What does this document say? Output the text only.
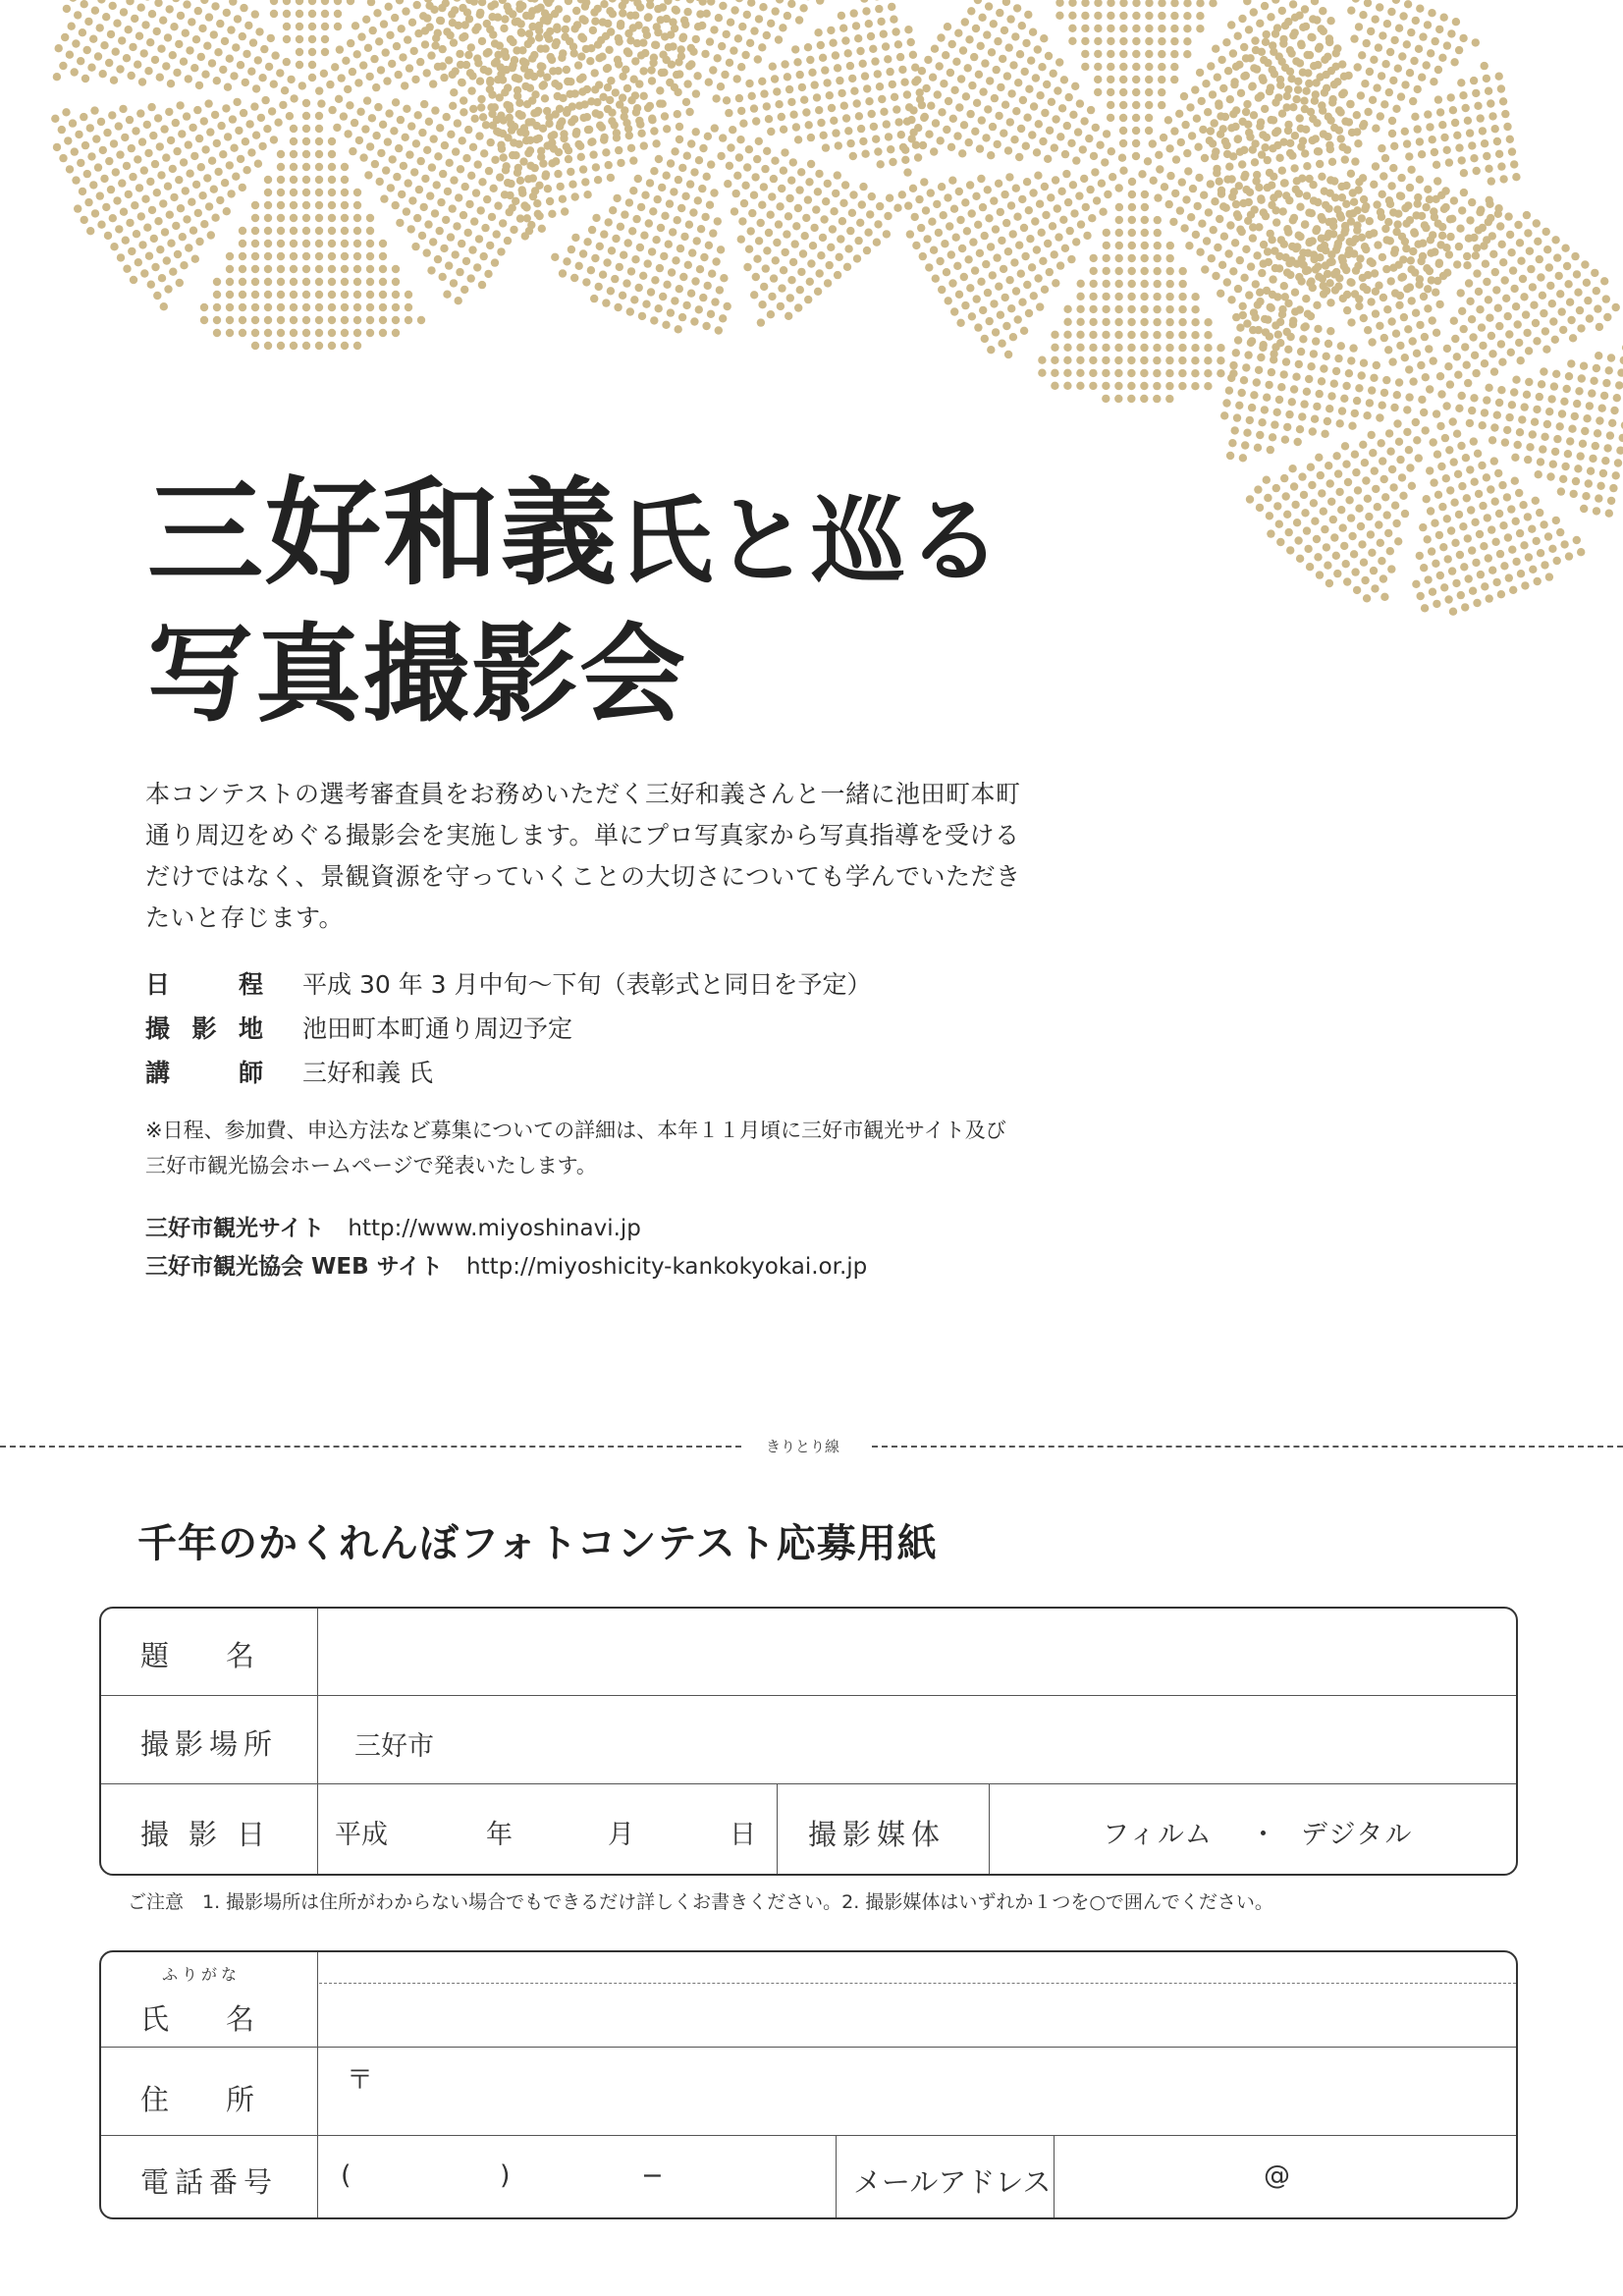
三好和義氏と巡る
写真撮影会
本コンテストの選考審査員をお務めいただく三好和義さんと一緒に池田町本町
通り周辺をめぐる撮影会を実施します。単にプロ写真家から写真指導を受ける
だけではなく、景観資源を守っていくことの大切さについても学んでいただき
たいと存じます。
日程 平成 30 年 3 月中旬〜下旬（表彰式と同日を予定）
撮影地 池田町本町通り周辺予定
講師 三好和義 氏
※日程、参加費、申込方法など募集についての詳細は、本年１１月頃に三好市観光サイト及び
三好市観光協会ホームページで発表いたします。
三好市観光サイト http://www.miyoshinavi.jp
三好市観光協会 WEB サイト http://miyoshicity-kankokyokai.or.jp
きりとり線
千年のかくれんぼフォトコンテスト応募用紙
題　　名
撮影場所	三好市
撮影日 平成	年	月	日 撮影媒体	フィルム ・ デジタル
ご注意　1. 撮影場所は住所がわからない場合でもできるだけ詳しくお書きください。2. 撮影媒体はいずれか１つを○で囲んでください。
ふりがな
氏　　名
住　　所
〒
電話番号 (	)	−	メールアドレス	@
